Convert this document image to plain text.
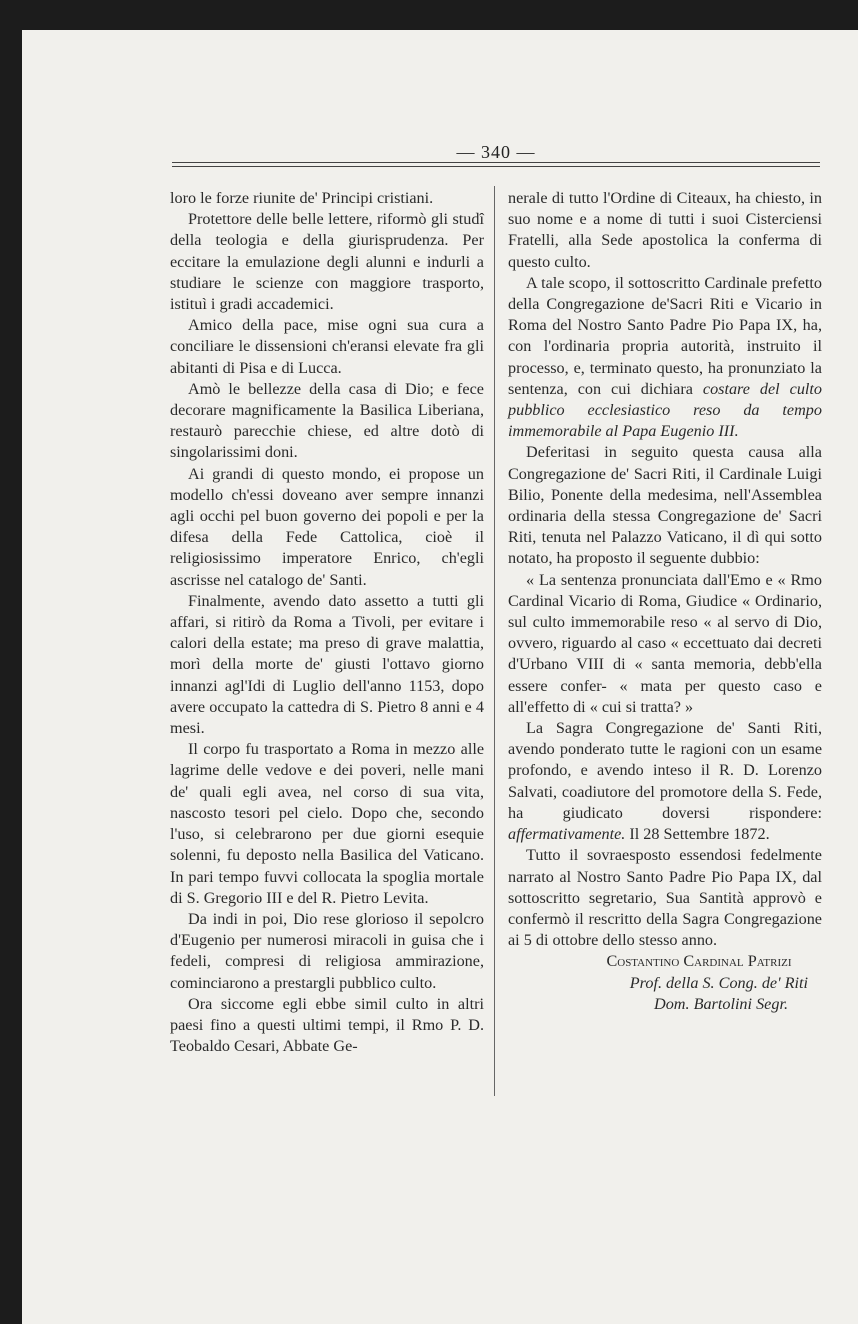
— 340 —

loro le forze riunite de' Principi cristiani.

Protettore delle belle lettere, riformò gli studî della teologia e della giurisprudenza. Per eccitare la emulazione degli alunni e indurli a studiare le scienze con maggiore trasporto, istituì i gradi accademici.

Amico della pace, mise ogni sua cura a conciliare le dissensioni ch'eransi elevate fra gli abitanti di Pisa e di Lucca.

Amò le bellezze della casa di Dio; e fece decorare magnificamente la Basilica Liberiana, restaurò parecchie chiese, ed altre dotò di singolarissimi doni.

Ai grandi di questo mondo, ei propose un modello ch'essi doveano aver sempre innanzi agli occhi pel buon governo dei popoli e per la difesa della Fede Cattolica, cioè il religiosissimo imperatore Enrico, ch'egli ascrisse nel catalogo de' Santi.

Finalmente, avendo dato assetto a tutti gli affari, si ritirò da Roma a Tivoli, per evitare i calori della estate; ma preso di grave malattia, morì della morte de' giusti l'ottavo giorno innanzi agl'Idi di Luglio dell'anno 1153, dopo avere occupato la cattedra di S. Pietro 8 anni e 4 mesi.

Il corpo fu trasportato a Roma in mezzo alle lagrime delle vedove e dei poveri, nelle mani de' quali egli avea, nel corso di sua vita, nascosto tesori pel cielo. Dopo che, secondo l'uso, si celebrarono per due giorni esequie solenni, fu deposto nella Basilica del Vaticano. In pari tempo fuvvi collocata la spoglia mortale di S. Gregorio III e del R. Pietro Levita.

Da indi in poi, Dio rese glorioso il sepolcro d'Eugenio per numerosi miracoli in guisa che i fedeli, compresi di religiosa ammirazione, cominciarono a prestargli pubblico culto.

Ora siccome egli ebbe simil culto in altri paesi fino a questi ultimi tempi, il Rmo P. D. Teobaldo Cesari, Abbate Ge-

nerale di tutto l'Ordine di Citeaux, ha chiesto, in suo nome e a nome di tutti i suoi Cisterciensi Fratelli, alla Sede apostolica la conferma di questo culto.

A tale scopo, il sottoscritto Cardinale prefetto della Congregazione de'Sacri Riti e Vicario in Roma del Nostro Santo Padre Pio Papa IX, ha, con l'ordinaria propria autorità, instruito il processo, e, terminato questo, ha pronunziato la sentenza, con cui dichiara costare del culto pubblico ecclesiastico reso da tempo immemorabile al Papa Eugenio III.

Deferitasi in seguito questa causa alla Congregazione de' Sacri Riti, il Cardinale Luigi Bilio, Ponente della medesima, nell'Assemblea ordinaria della stessa Congregazione de' Sacri Riti, tenuta nel Palazzo Vaticano, il dì qui sotto notato, ha proposto il seguente dubbio:

« La sentenza pronunciata dall'Emo e « Rmo Cardinal Vicario di Roma, Giudice « Ordinario, sul culto immemorabile reso « al servo di Dio, ovvero, riguardo al caso « eccettuato dai decreti d'Urbano VIII di « santa memoria, debb'ella essere confer- « mata per questo caso e all'effetto di « cui si tratta? »

La Sagra Congregazione de' Santi Riti, avendo ponderato tutte le ragioni con un esame profondo, e avendo inteso il R. D. Lorenzo Salvati, coadiutore del promotore della S. Fede, ha giudicato doversi rispondere: affermativamente. Il 28 Settembre 1872.

Tutto il sovraesposto essendosi fedelmente narrato al Nostro Santo Padre Pio Papa IX, dal sottoscritto segretario, Sua Santità approvò e confermò il rescritto della Sagra Congregazione ai 5 di ottobre dello stesso anno.

Costantino Cardinal Patrizi

Prof. della S. Cong. de' Riti

Dom. Bartolini Segr.
